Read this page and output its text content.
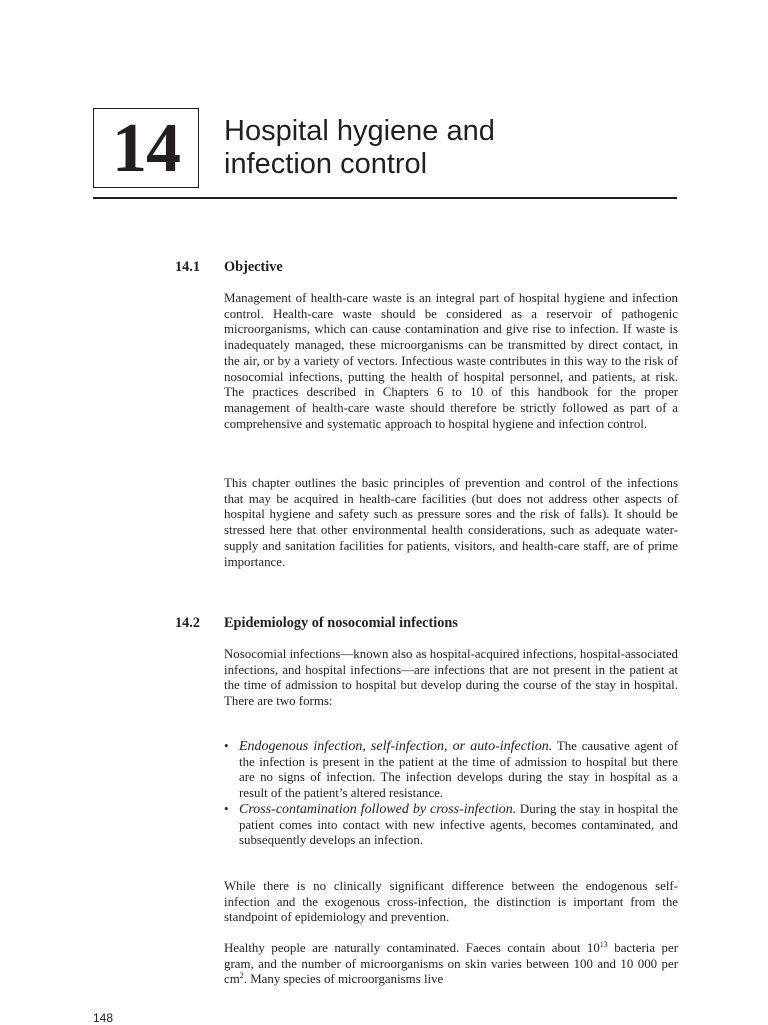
14 Hospital hygiene and
infection control
14.1 Objective

Management of health-care waste is an integral part of hospital hygiene and infection control. Health-care waste should be considered as a reservoir of pathogenic microorganisms, which can cause contamination and give rise to infection. If waste is inadequately managed, these microorganisms can be transmitted by direct contact, in the air, or by a variety of vectors. Infectious waste contributes in this way to the risk of nosocomial infections, putting the health of hospital personnel, and patients, at risk. The practices described in Chapters 6 to 10 of this handbook for the proper management of health-care waste should therefore be strictly followed as part of a comprehensive and systematic approach to hospital hygiene and infection control.

This chapter outlines the basic principles of prevention and control of the infections that may be acquired in health-care facilities (but does not address other aspects of hospital hygiene and safety such as pressure sores and the risk of falls). It should be stressed here that other environmental health considerations, such as adequate water-supply and sanitation facilities for patients, visitors, and health-care staff, are of prime importance.

14.2 Epidemiology of nosocomial infections

Nosocomial infections—known also as hospital-acquired infections, hospital-associated infections, and hospital infections—are infections that are not present in the patient at the time of admission to hospital but develop during the course of the stay in hospital. There are two forms:

• Endogenous infection, self-infection, or auto-infection. The causative agent of the infection is present in the patient at the time of admission to hospital but there are no signs of infection. The infection develops during the stay in hospital as a result of the patient’s altered resistance.
• Cross-contamination followed by cross-infection. During the stay in hospital the patient comes into contact with new infective agents, becomes contaminated, and subsequently develops an infection.

While there is no clinically significant difference between the endogenous self-infection and the exogenous cross-infection, the distinction is important from the standpoint of epidemiology and prevention.

Healthy people are naturally contaminated. Faeces contain about $10^{13}$ bacteria per gram, and the number of microorganisms on skin varies between 100 and 10 000 per $cm^2$. Many species of microorganisms live

148
